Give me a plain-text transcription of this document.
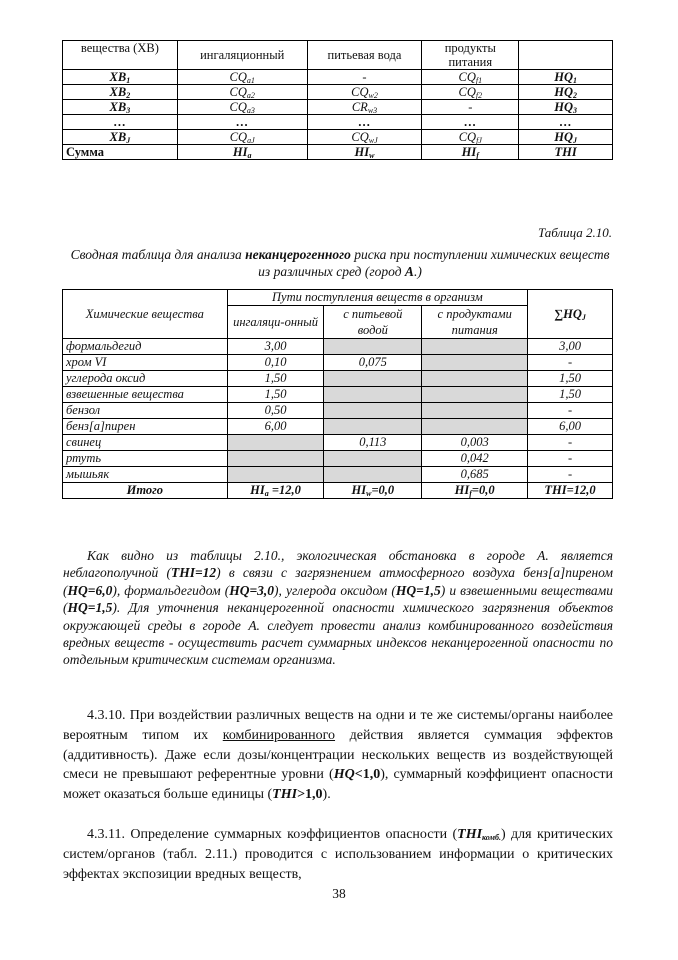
вещества (ХВ)	ингаляционный	питьевая вода	продукты питания	
$ХВ_1$	$CQ_{a1}$	-	$CQ_{f1}$	$HQ_1$
$ХВ_2$	$CQ_{a2}$	$CQ_{w2}$	$CQ_{f2}$	$HQ_2$
$ХВ_3$	$CQ_{a3}$	$CR_{w3}$	-	$HQ_3$
…	…	…	…	…
$ХВ_J$	$CQ_{aJ}$	$CQ_{wJ}$	$CQ_{fJ}$	$HQ_J$
Сумма	$HI_a$	$HI_w$	$HI_f$	THI
Таблица 2.10.
Сводная таблица для анализа неканцерогенного риска при поступлении химических веществ из различных сред (город А.)
Химические вещества	Пути поступления веществ в организм			$\sum HQ_J$
	ингаляци-онный	с питьевой водой	с продуктами питания	
формальдегид	3,00			3,00
хром VI	0,10	0,075		-
углерода оксид	1,50			1,50
взвешенные вещества	1,50			1,50
бензол	0,50			-
бенз[а]пирен	6,00			6,00
свинец		0,113	0,003	-
ртуть			0,042	-
мышьяк			0,685	-
Итого	$HI_a =12,0$	$HI_w=0,0$	$HI_f=0,0$	THI=12,0

Как видно из таблицы 2.10., экологическая обстановка в городе А. является неблагополучной (ТНI=12) в связи с загрязнением атмосферного воздуха бенз[а]пиреном (HQ=6,0), формальдегидом (HQ=3,0), углерода оксидом (HQ=1,5) и взвешенными веществами (HQ=1,5). Для уточнения неканцерогенной опасности химического загрязнения объектов окружающей среды в городе А. следует провести анализ комбинированного воздействия вредных веществ - осуществить расчет суммарных индексов неканцерогенной опасности по отдельным критическим системам организма.

4.3.10. При воздействии различных веществ на одни и те же системы/органы наиболее вероятным типом их комбинированного действия является суммация эффектов (аддитивность). Даже если дозы/концентрации нескольких веществ из воздействующей смеси не превышают референтные уровни (HQ<1,0), суммарный коэффициент опасности может оказаться больше единицы (THI>1,0).

4.3.11. Определение суммарных коэффициентов опасности $(THI_{комб.})$ для критических систем/органов (табл. 2.11.) проводится с использованием информации о критических эффектах экспозиции вредных веществ,

38
